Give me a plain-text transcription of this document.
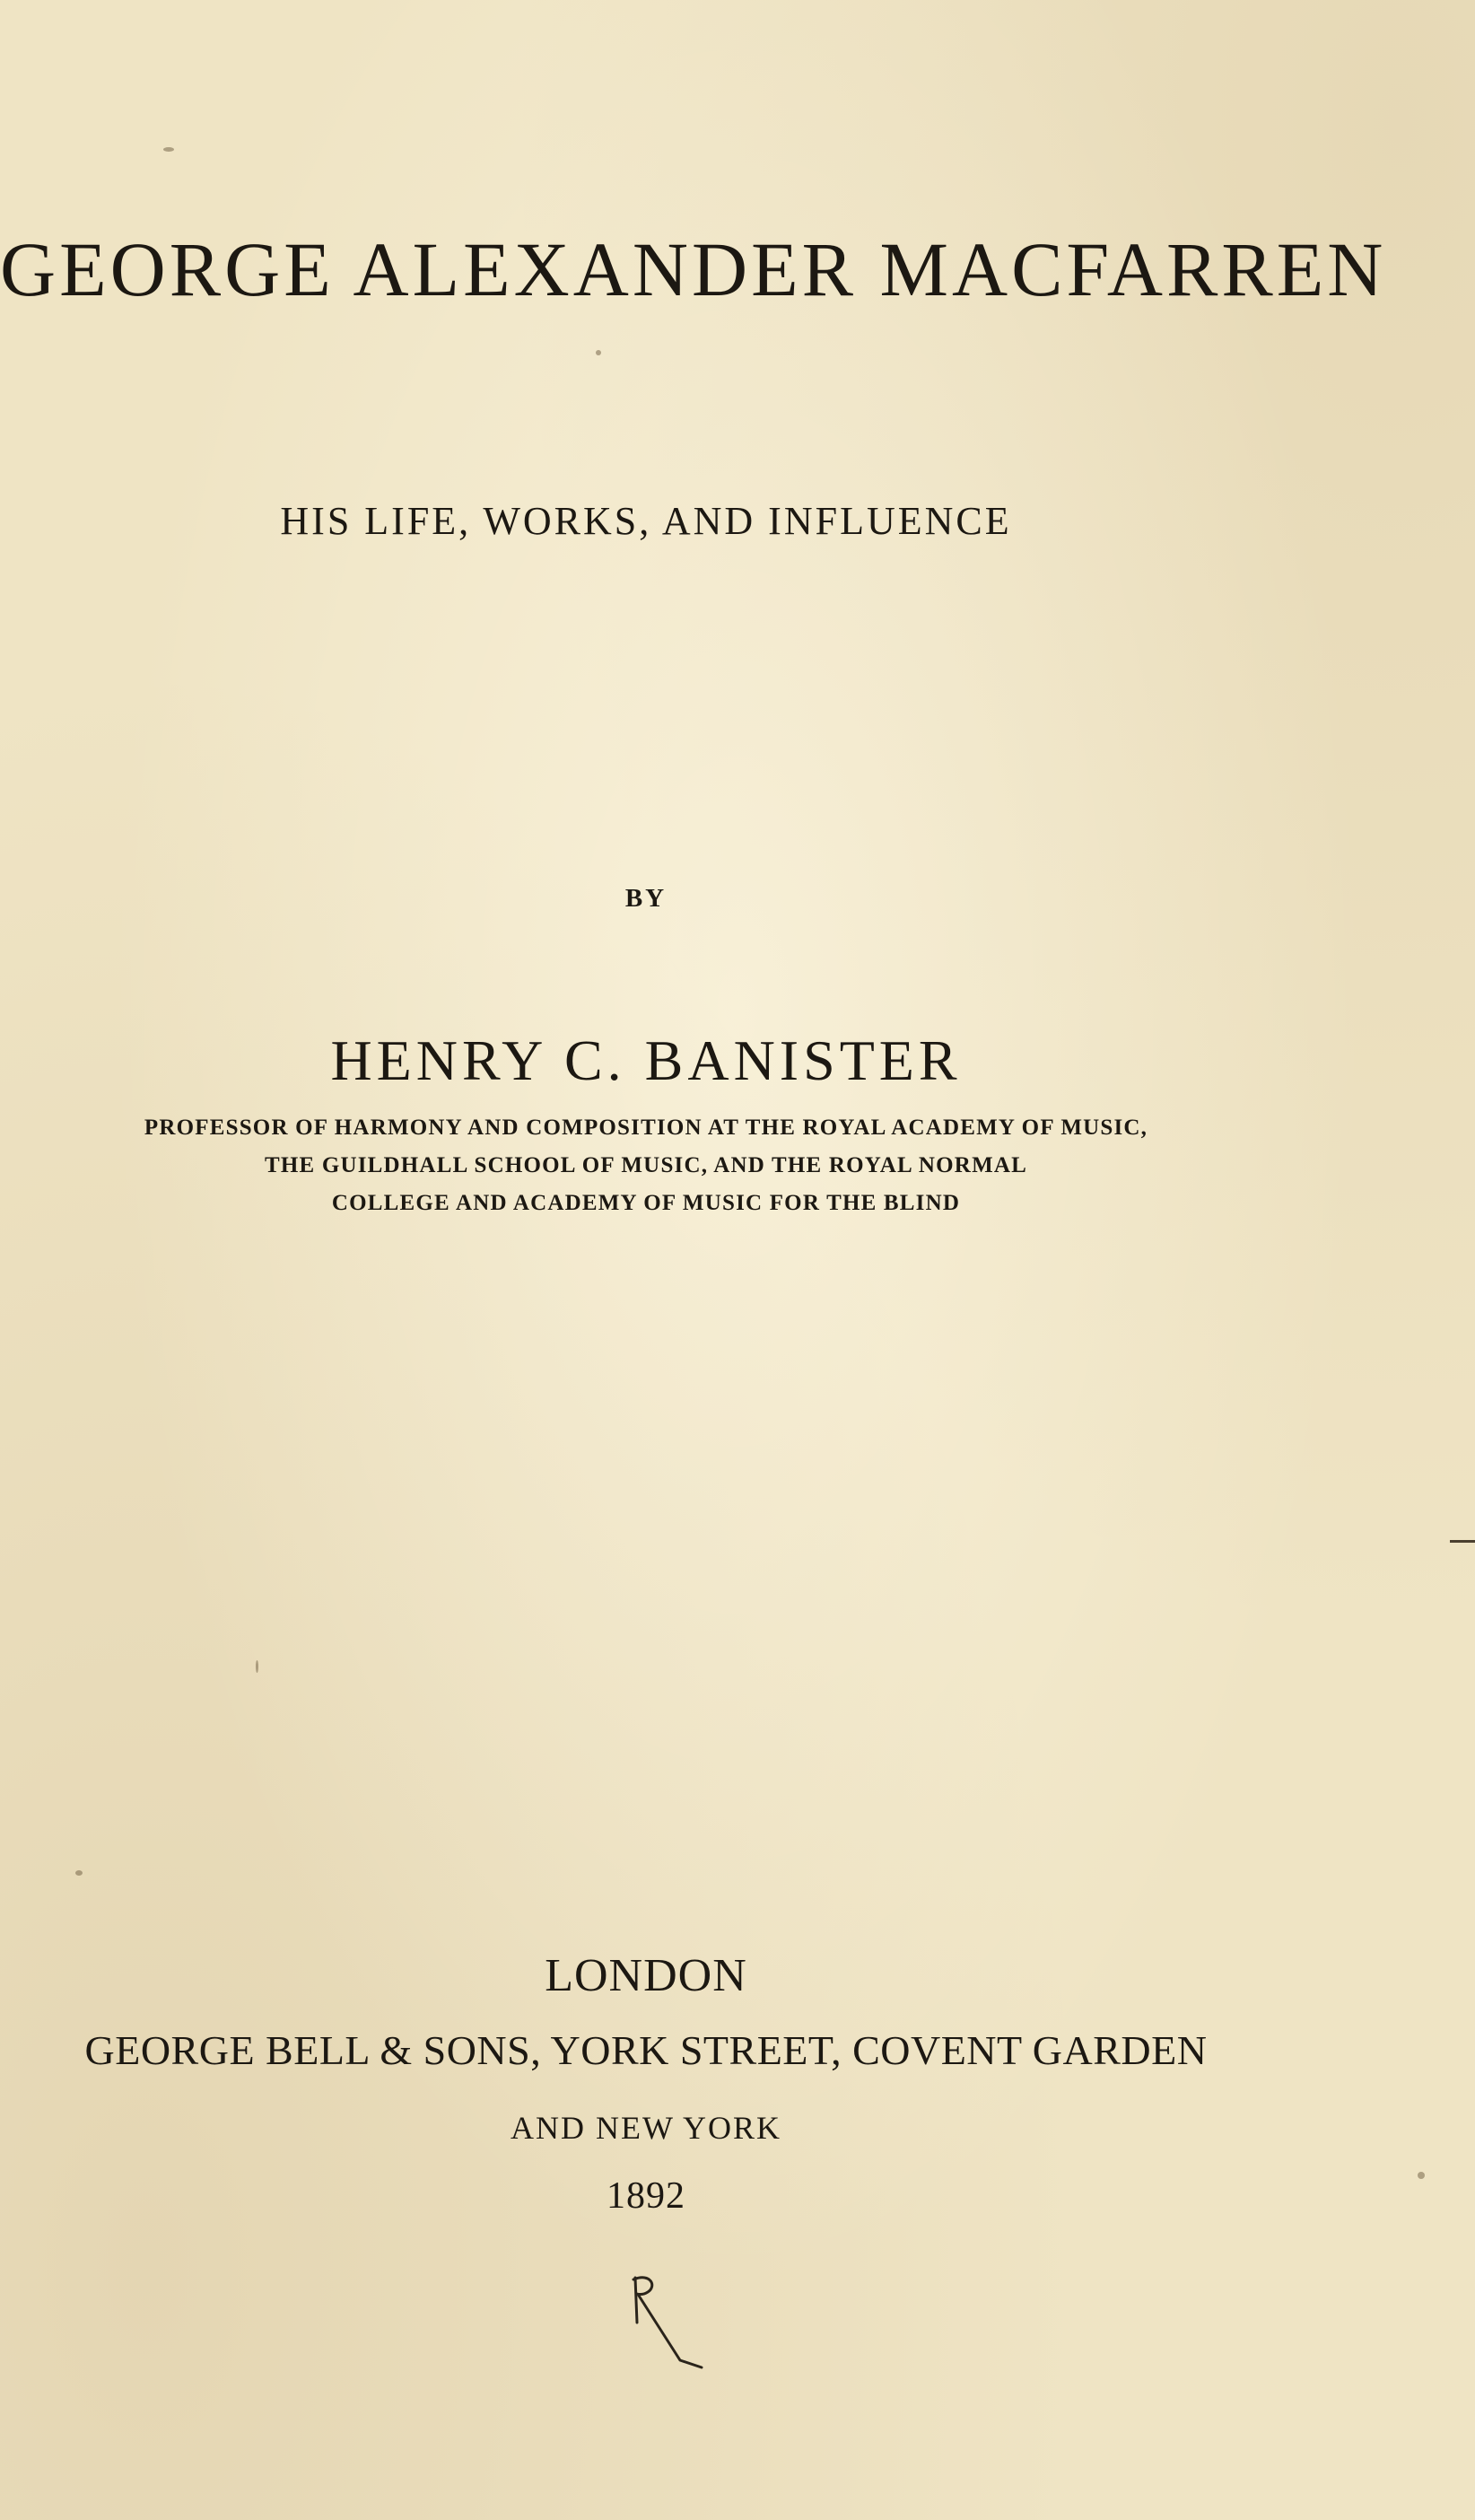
GEORGE ALEXANDER MACFARREN
HIS LIFE, WORKS, AND INFLUENCE
BY
HENRY C. BANISTER
PROFESSOR OF HARMONY AND COMPOSITION AT THE ROYAL ACADEMY OF MUSIC,
THE GUILDHALL SCHOOL OF MUSIC, AND THE ROYAL NORMAL
COLLEGE AND ACADEMY OF MUSIC FOR THE BLIND
LONDON
GEORGE BELL & SONS, YORK STREET, COVENT GARDEN
AND NEW YORK
1892
